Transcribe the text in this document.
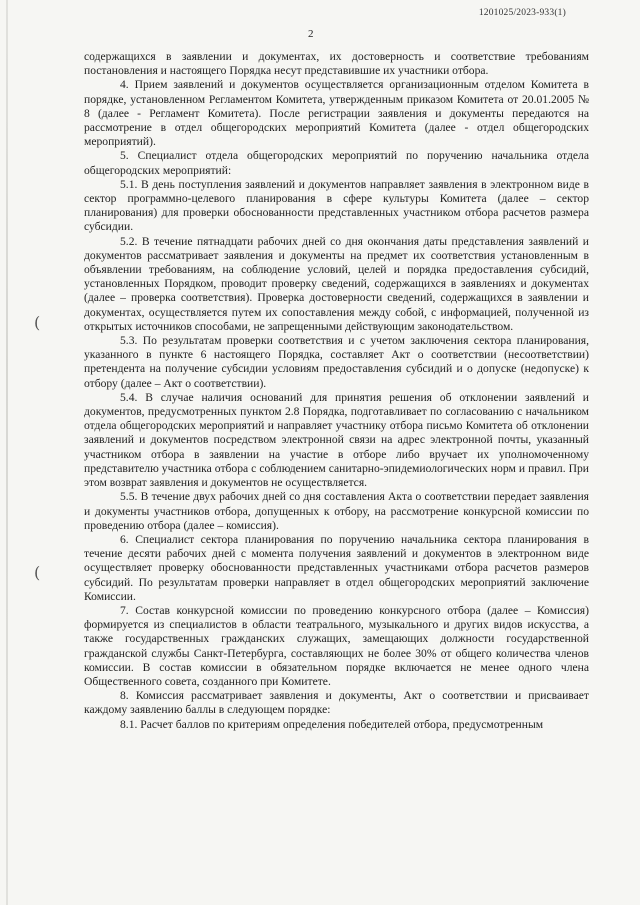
1201025/2023-933(1)
2
(
(

содержащихся в заявлении и документах, их достоверность и соответствие требованиям постановления и настоящего Порядка несут представившие их участники отбора.

4. Прием заявлений и документов осуществляется организационным отделом Комитета в порядке, установленном Регламентом Комитета, утвержденным приказом Комитета от 20.01.2005 № 8 (далее - Регламент Комитета). После регистрации заявления и документы передаются на рассмотрение в отдел общегородских мероприятий Комитета (далее - отдел общегородских мероприятий).

5. Специалист отдела общегородских мероприятий по поручению начальника отдела общегородских мероприятий:

5.1. В день поступления заявлений и документов направляет заявления в электронном виде в сектор программно-целевого планирования в сфере культуры Комитета (далее – сектор планирования) для проверки обоснованности представленных участником отбора расчетов размера субсидии.

5.2. В течение пятнадцати рабочих дней со дня окончания даты представления заявлений и документов рассматривает заявления и документы на предмет их соответствия установленным в объявлении требованиям, на соблюдение условий, целей и порядка предоставления субсидий, установленных Порядком, проводит проверку сведений, содержащихся в заявлениях и документах (далее – проверка соответствия). Проверка достоверности сведений, содержащихся в заявлении и документах, осуществляется путем их сопоставления между собой, с информацией, полученной из открытых источников способами, не запрещенными действующим законодательством.

5.3. По результатам проверки соответствия и с учетом заключения сектора планирования, указанного в пункте 6 настоящего Порядка, составляет Акт о соответствии (несоответствии) претендента на получение субсидии условиям предоставления субсидий и о допуске (недопуске) к отбору (далее – Акт о соответствии).

5.4. В случае наличия оснований для принятия решения об отклонении заявлений и документов, предусмотренных пунктом 2.8 Порядка, подготавливает по согласованию с начальником отдела общегородских мероприятий и направляет участнику отбора письмо Комитета об отклонении заявлений и документов посредством электронной связи на адрес электронной почты, указанный участником отбора в заявлении на участие в отборе либо вручает их уполномоченному представителю участника отбора с соблюдением санитарно-эпидемиологических норм и правил. При этом возврат заявления и документов не осуществляется.

5.5. В течение двух рабочих дней со дня составления Акта о соответствии передает заявления и документы участников отбора, допущенных к отбору, на рассмотрение конкурсной комиссии по проведению отбора (далее – комиссия).

6. Специалист сектора планирования по поручению начальника сектора планирования в течение десяти рабочих дней с момента получения заявлений и документов в электронном виде осуществляет проверку обоснованности представленных участниками отбора расчетов размеров субсидий. По результатам проверки направляет в отдел общегородских мероприятий заключение Комиссии.

7. Состав конкурсной комиссии по проведению конкурсного отбора (далее – Комиссия) формируется из специалистов в области театрального, музыкального и других видов искусства, а также государственных гражданских служащих, замещающих должности государственной гражданской службы Санкт-Петербурга, составляющих не более 30% от общего количества членов комиссии. В состав комиссии в обязательном порядке включается не менее одного члена Общественного совета, созданного при Комитете.

8. Комиссия рассматривает заявления и документы, Акт о соответствии и присваивает каждому заявлению баллы в следующем порядке:

8.1. Расчет баллов по критериям определения победителей отбора, предусмотренным
